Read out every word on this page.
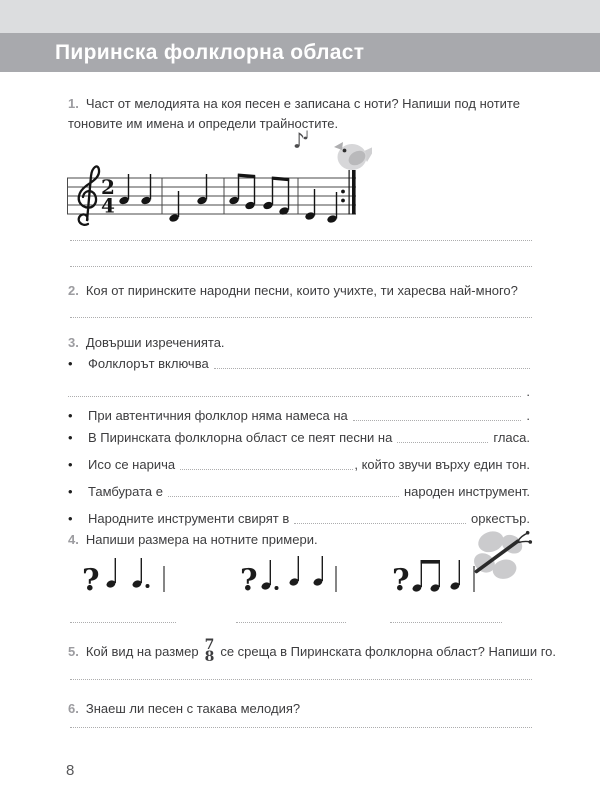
Пиринска фолклорна област
1. Част от мелодията на коя песен е записана с ноти? Напиши под нотите тоновите им имена и определи трайностите.
2
4
2. Коя от пиринските народни песни, които учихте, ти харесва най-много?
3. Довърши изреченията.
•	Фолклорът включва
.
•	При автентичния фолклор няма намеса на	.
•	В Пиринската фолклорна област се пеят песни на	гласа.
•	Исо се нарича	, който звучи върху един тон.
•	Тамбурата е	народен инструмент.
•	Народните инструменти свирят в	оркестър.
4. Напиши размера на нотните примери.
?	?	?
5. Кой вид на размер 7
8 се среща в Пиринската фолклорна област? Напиши го.
6. Знаеш ли песен с такава мелодия?
8
